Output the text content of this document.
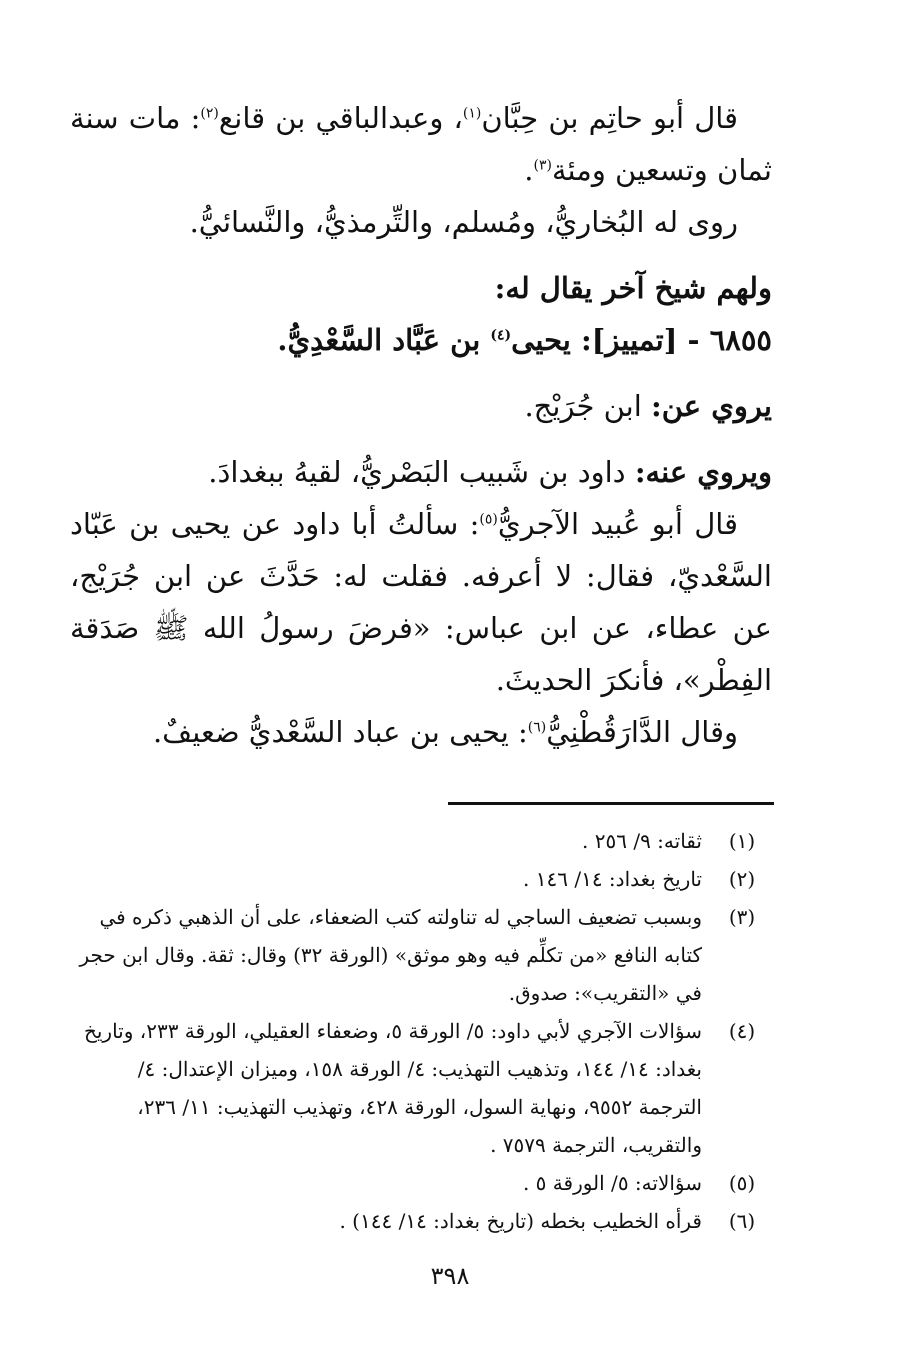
قال أبو حاتِم بن حِبَّان$^{(١)}$، وعبدالباقي بن قانع$^{(٢)}$: مات سنة ثمان وتسعين ومئة$^{(٣)}$.

روى له البُخاريُّ، ومُسلم، والتِّرمذيُّ، والنَّسائيُّ.

ولهم شيخ آخر يقال له:

٦٨٥٥ - [تمييز]: يحيى$^{(٤)}$ بن عَبَّاد السَّعْدِيُّ.

يروي عن: ابن جُرَيْج.

ويروي عنه: داود بن شَبيب البَصْريُّ، لقيهُ ببغدادَ.

قال أبو عُبيد الآجريُّ$^{(٥)}$: سألتُ أبا داود عن يحيى بن عَبّاد السَّعْديّ، فقال: لا أعرفه. فقلت له: حَدَّثَ عن ابن جُرَيْج، عن عطاء، عن ابن عباس: «فرضَ رسولُ الله ﷺ صَدَقة الفِطْر»، فأنكرَ الحديثَ.

وقال الدَّارَقُطْنِيُّ$^{(٦)}$: يحيى بن عباد السَّعْديُّ ضعيفٌ.

(١)
ثقاته: ٩/ ٢٥٦ .

(٢)
تاريخ بغداد: ١٤/ ١٤٦ .

(٣)
وبسبب تضعيف الساجي له تناولته كتب الضعفاء، على أن الذهبي ذكره في كتابه النافع «من تكلِّم فيه وهو موثق» (الورقة ٣٢) وقال: ثقة. وقال ابن حجر في «التقريب»: صدوق.

(٤)
سؤالات الآجري لأبي داود: ٥/ الورقة ٥، وضعفاء العقيلي، الورقة ٢٣٣، وتاريخ بغداد: ١٤/ ١٤٤، وتذهيب التهذيب: ٤/ الورقة ١٥٨، وميزان الإعتدال: ٤/ الترجمة ٩٥٥٢، ونهاية السول، الورقة ٤٢٨، وتهذيب التهذيب: ١١/ ٢٣٦، والتقريب، الترجمة ٧٥٧٩ .

(٥)
سؤالاته: ٥/ الورقة ٥ .

(٦)
قرأه الخطيب بخطه (تاريخ بغداد: ١٤/ ١٤٤) .

٣٩٨
